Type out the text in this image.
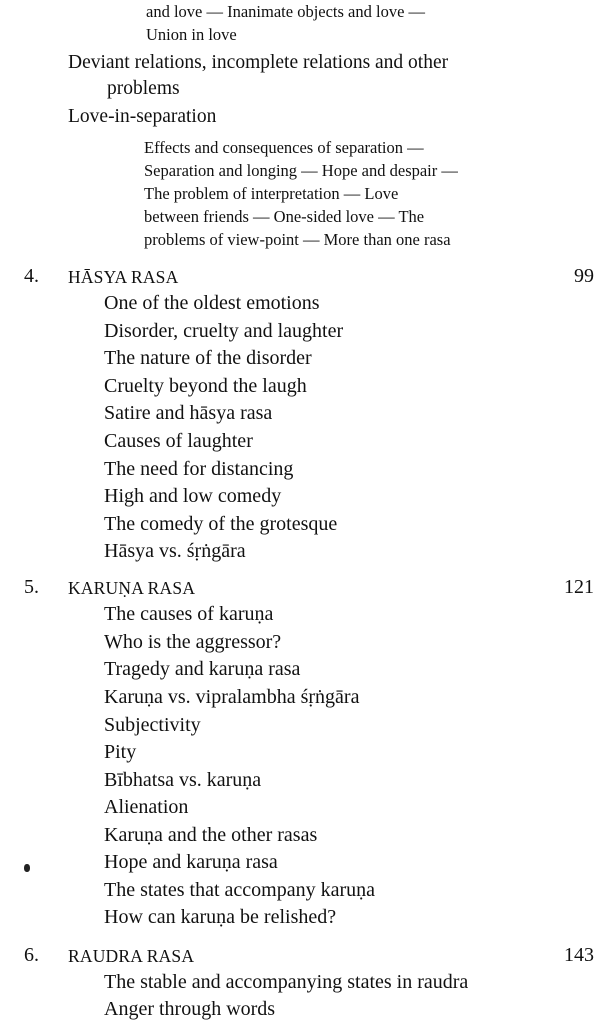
and love — Inanimate objects and love —
Union in love
Deviant relations, incomplete relations and other
problems
Love-in-separation
Effects and consequences of separation —
Separation and longing — Hope and despair —
The problem of interpretation — Love
between friends — One-sided love — The
problems of view-point — More than one rasa
4. HĀSYA RASA	99
One of the oldest emotions
Disorder, cruelty and laughter
The nature of the disorder
Cruelty beyond the laugh
Satire and hāsya rasa
Causes of laughter
The need for distancing
High and low comedy
The comedy of the grotesque
Hāsya vs. śṛṅgāra
5. KARUṆA RASA	121
The causes of karuṇa
Who is the aggressor?
Tragedy and karuṇa rasa
Karuṇa vs. vipralambha śṛṅgāra
Subjectivity
Pity
Bībhatsa vs. karuṇa
Alienation
Karuṇa and the other rasas
Hope and karuṇa rasa
The states that accompany karuṇa
How can karuṇa be relished?
6. RAUDRA RASA	143
The stable and accompanying states in raudra
Anger through words
